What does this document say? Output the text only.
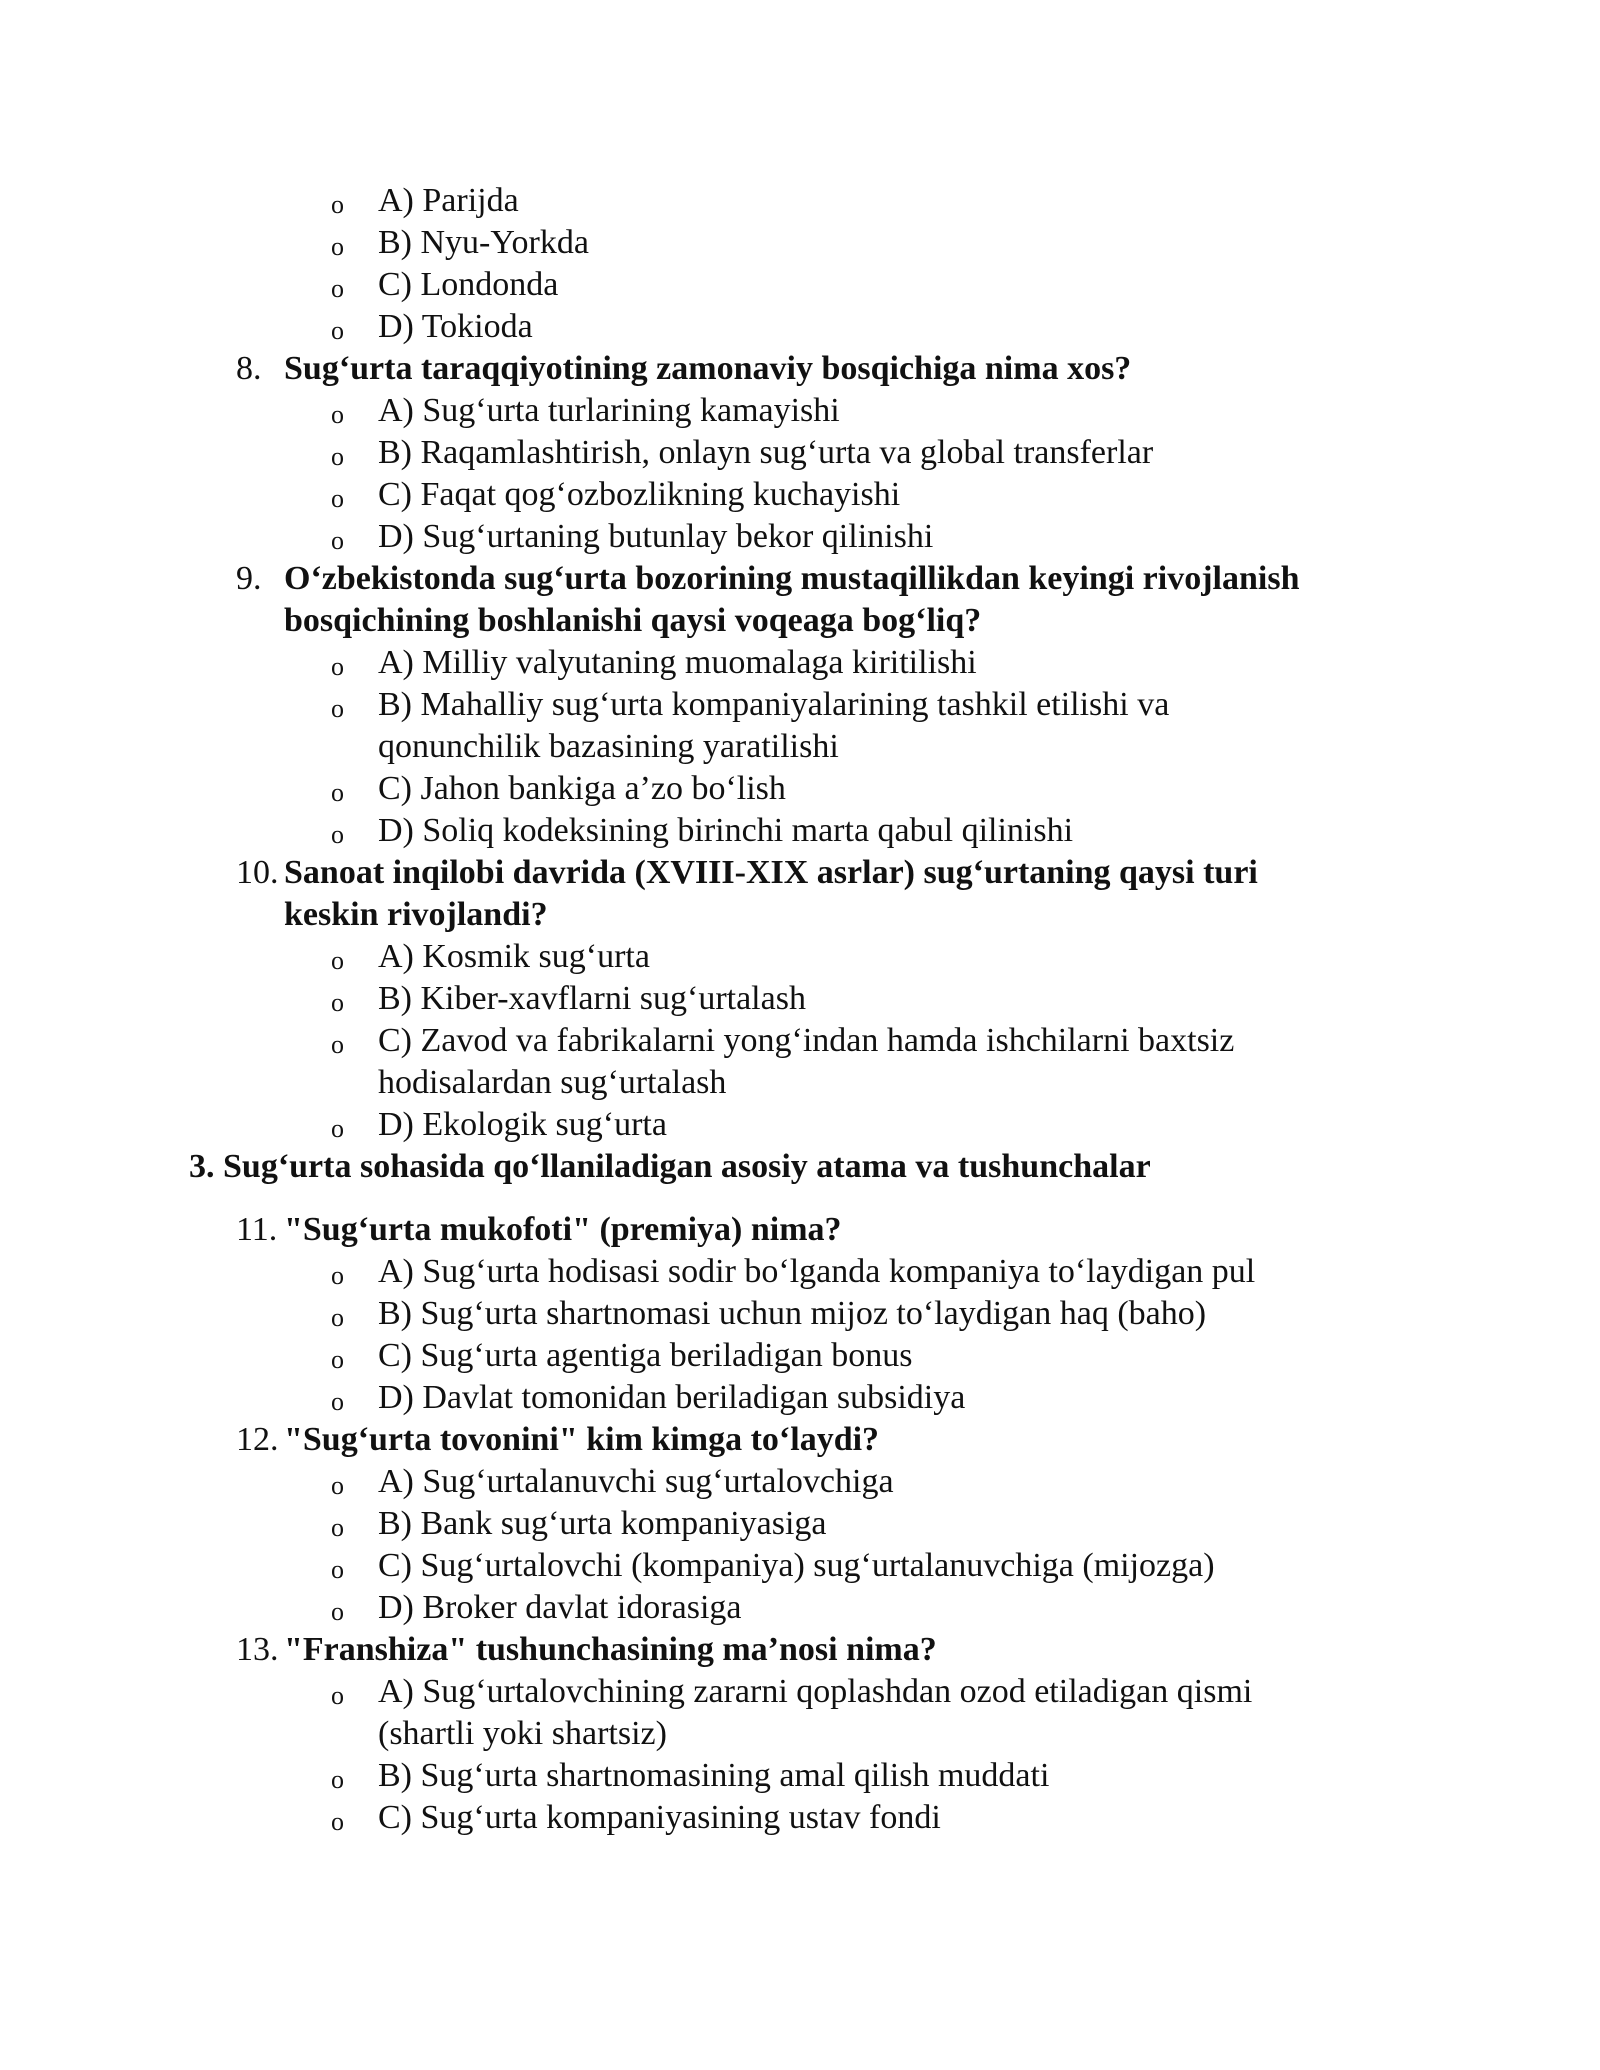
o A) Parijda
o B) Nyu-Yorkda
o C) Londonda
o D) Tokioda
8. Sug‘urta taraqqiyotining zamonaviy bosqichiga nima xos?
o A) Sug‘urta turlarining kamayishi
o B) Raqamlashtirish, onlayn sug‘urta va global transferlar
o C) Faqat qog‘ozbozlikning kuchayishi
o D) Sug‘urtaning butunlay bekor qilinishi
9. O‘zbekistonda sug‘urta bozorining mustaqillikdan keyingi rivojlanish
bosqichining boshlanishi qaysi voqeaga bog‘liq?
o A) Milliy valyutaning muomalaga kiritilishi
o B) Mahalliy sug‘urta kompaniyalarining tashkil etilishi va
qonunchilik bazasining yaratilishi
o C) Jahon bankiga a’zo bo‘lish
o D) Soliq kodeksining birinchi marta qabul qilinishi
10. Sanoat inqilobi davrida (XVIII-XIX asrlar) sug‘urtaning qaysi turi
keskin rivojlandi?
o A) Kosmik sug‘urta
o B) Kiber-xavflarni sug‘urtalash
o C) Zavod va fabrikalarni yong‘indan hamda ishchilarni baxtsiz
hodisalardan sug‘urtalash
o D) Ekologik sug‘urta
3. Sug‘urta sohasida qo‘llaniladigan asosiy atama va tushunchalar
11. "Sug‘urta mukofoti" (premiya) nima?
o A) Sug‘urta hodisasi sodir bo‘lganda kompaniya to‘laydigan pul
o B) Sug‘urta shartnomasi uchun mijoz to‘laydigan haq (baho)
o C) Sug‘urta agentiga beriladigan bonus
o D) Davlat tomonidan beriladigan subsidiya
12. "Sug‘urta tovonini" kim kimga to‘laydi?
o A) Sug‘urtalanuvchi sug‘urtalovchiga
o B) Bank sug‘urta kompaniyasiga
o C) Sug‘urtalovchi (kompaniya) sug‘urtalanuvchiga (mijozga)
o D) Broker davlat idorasiga
13. "Franshiza" tushunchasining ma’nosi nima?
o A) Sug‘urtalovchining zararni qoplashdan ozod etiladigan qismi
(shartli yoki shartsiz)
o B) Sug‘urta shartnomasining amal qilish muddati
o C) Sug‘urta kompaniyasining ustav fondi
